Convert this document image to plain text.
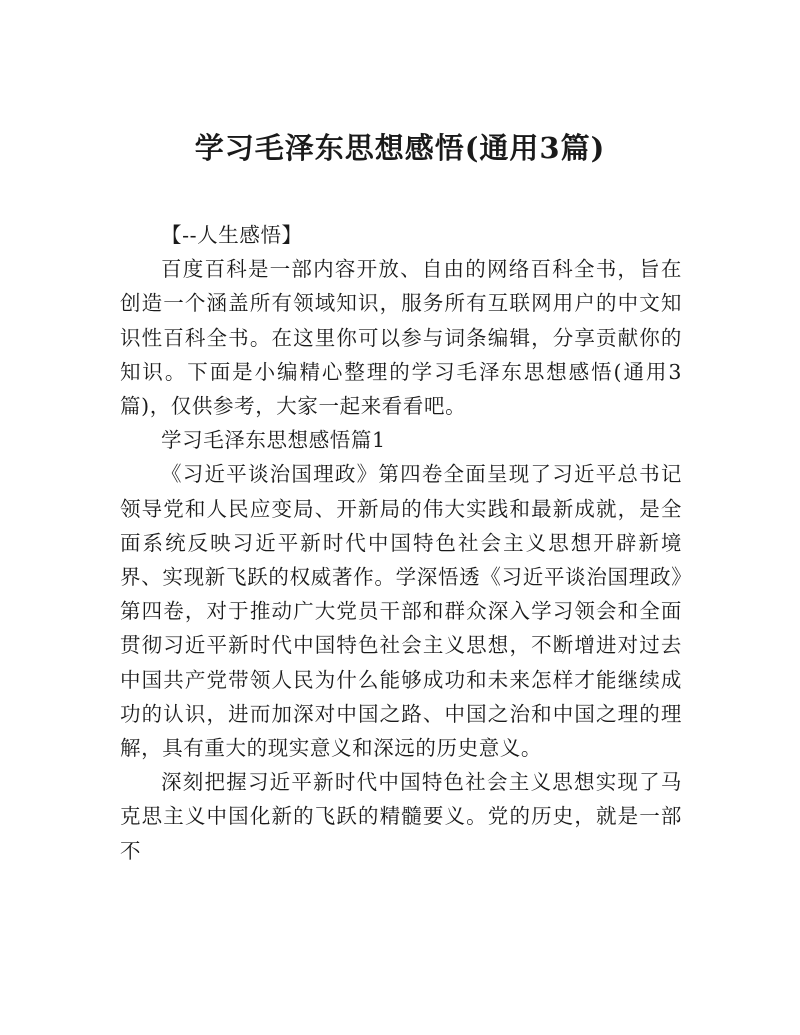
学习毛泽东思想感悟(通用3篇)
【--人生感悟】

百度百科是一部内容开放、自由的网络百科全书，旨在创造一个涵盖所有领域知识，服务所有互联网用户的中文知识性百科全书。在这里你可以参与词条编辑，分享贡献你的知识。下面是小编精心整理的学习毛泽东思想感悟(通用3篇)，仅供参考，大家一起来看看吧。

学习毛泽东思想感悟篇1

《习近平谈治国理政》第四卷全面呈现了习近平总书记领导党和人民应变局、开新局的伟大实践和最新成就，是全面系统反映习近平新时代中国特色社会主义思想开辟新境界、实现新飞跃的权威著作。学深悟透《习近平谈治国理政》第四卷，对于推动广大党员干部和群众深入学习领会和全面贯彻习近平新时代中国特色社会主义思想，不断增进对过去中国共产党带领人民为什么能够成功和未来怎样才能继续成功的认识，进而加深对中国之路、中国之治和中国之理的理解，具有重大的现实意义和深远的历史意义。

深刻把握习近平新时代中国特色社会主义思想实现了马克思主义中国化新的飞跃的精髓要义。党的历史，就是一部不
